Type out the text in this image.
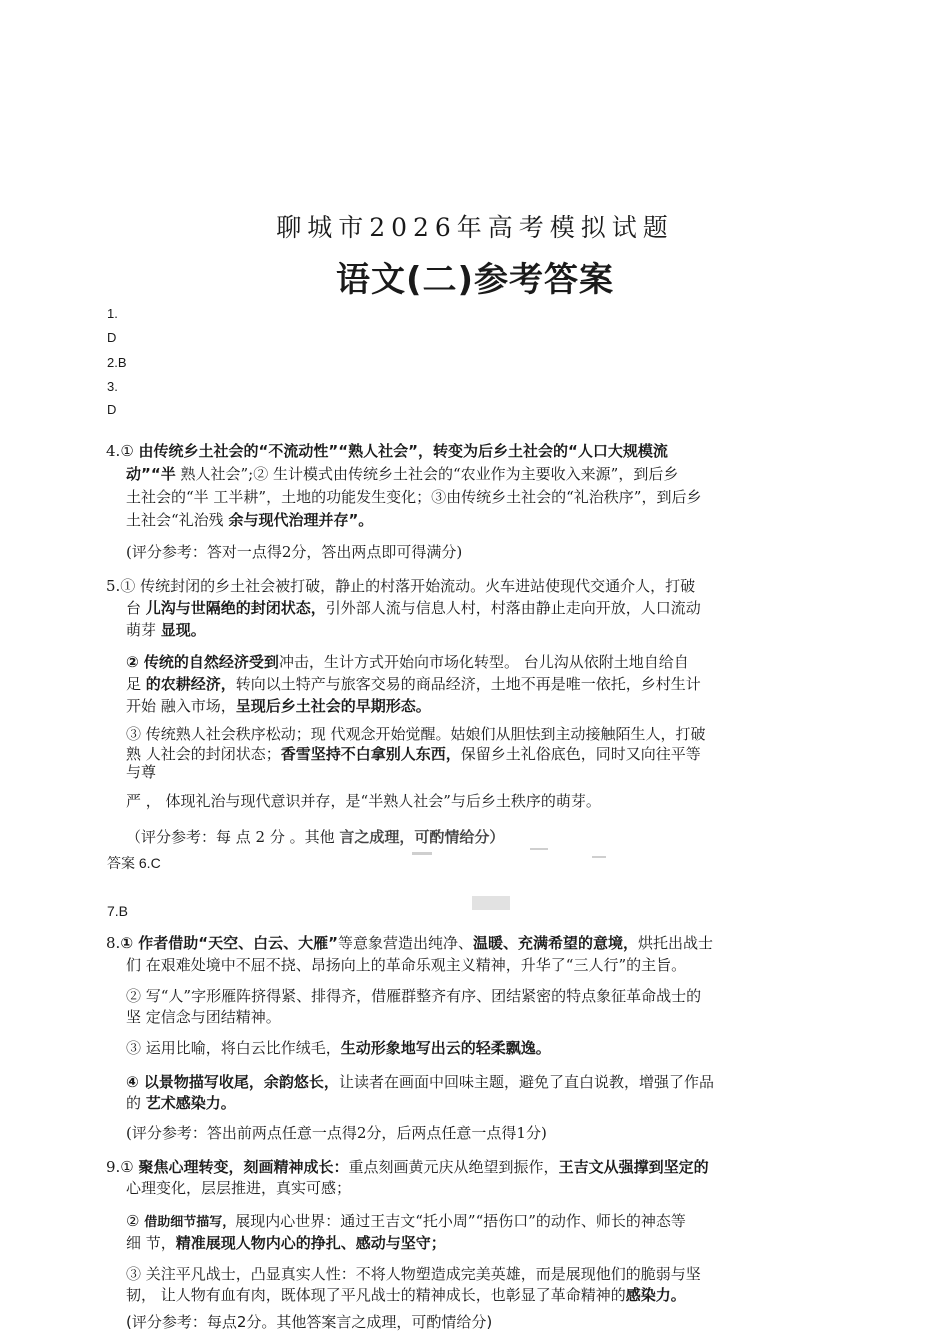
聊城市2026年高考模拟试题
语文(二)参考答案
1.
D
2.B
3.
D
4.① 由传统乡土社会的“不流动性”“熟人社会”，转变为后乡土社会的“人口大规模流
动”“半 熟人社会”;② 生计模式由传统乡土社会的“农业作为主要收入来源”，到后乡
土社会的“半 工半耕”，土地的功能发生变化；③由传统乡土社会的“礼治秩序”，到后乡
土社会“礼治残 余与现代治理并存”。
(评分参考：答对一点得2分，答出两点即可得满分)
5.① 传统封闭的乡土社会被打破，静止的村落开始流动。火车进站使现代交通介人，打破
台 儿沟与世隔绝的封闭状态，引外部人流与信息人村，村落由静止走向开放，人口流动
萌芽 显现。
② 传统的自然经济受到冲击，生计方式开始向市场化转型。 台儿沟从依附土地自给自
足 的农耕经济，转向以土特产与旅客交易的商品经济，土地不再是唯一依托，乡村生计
开始 融入市场，呈现后乡土社会的早期形态。
③ 传统熟人社会秩序松动；现 代观念开始觉醒。姑娘们从胆怯到主动接触陌生人，打破
熟 人社会的封闭状态；香雪坚持不白拿别人东西，保留乡土礼俗底色，同时又向往平等
与尊
严 ， 体现礼治与现代意识并存，是“半熟人社会”与后乡土秩序的萌芽。
（评分参考：每 点 2 分 。其他 言之成理，可酌情给分）
答案 6.C
7.B
8.① 作者借助“天空、白云、大雁”等意象营造出纯净、温暖、充满希望的意境，烘托出战士
们 在艰难处境中不屈不挠、昂扬向上的革命乐观主义精神，升华了“三人行”的主旨。
② 写“人”字形雁阵挤得紧、排得齐，借雁群整齐有序、团结紧密的特点象征革命战士的
坚 定信念与团结精神。
③ 运用比喻，将白云比作绒毛，生动形象地写出云的轻柔飘逸。
④ 以景物描写收尾，余韵悠长，让读者在画面中回味主题，避免了直白说教，增强了作品
的 艺术感染力。
(评分参考：答出前两点任意一点得2分，后两点任意一点得1分)
9.① 聚焦心理转变，刻画精神成长：重点刻画黄元庆从绝望到振作，王吉文从强撑到坚定的
心理变化，层层推进，真实可感；
② 借助细节描写，展现内心世界：通过王吉文“托小周”“捂伤口”的动作、师长的神态等
细 节，精准展现人物内心的挣扎、感动与坚守；
③ 关注平凡战士，凸显真实人性：不将人物塑造成完美英雄，而是展现他们的脆弱与坚
韧， 让人物有血有肉，既体现了平凡战士的精神成长，也彰显了革命精神的感染力。
(评分参考：每点2分。其他答案言之成理，可酌情给分)
